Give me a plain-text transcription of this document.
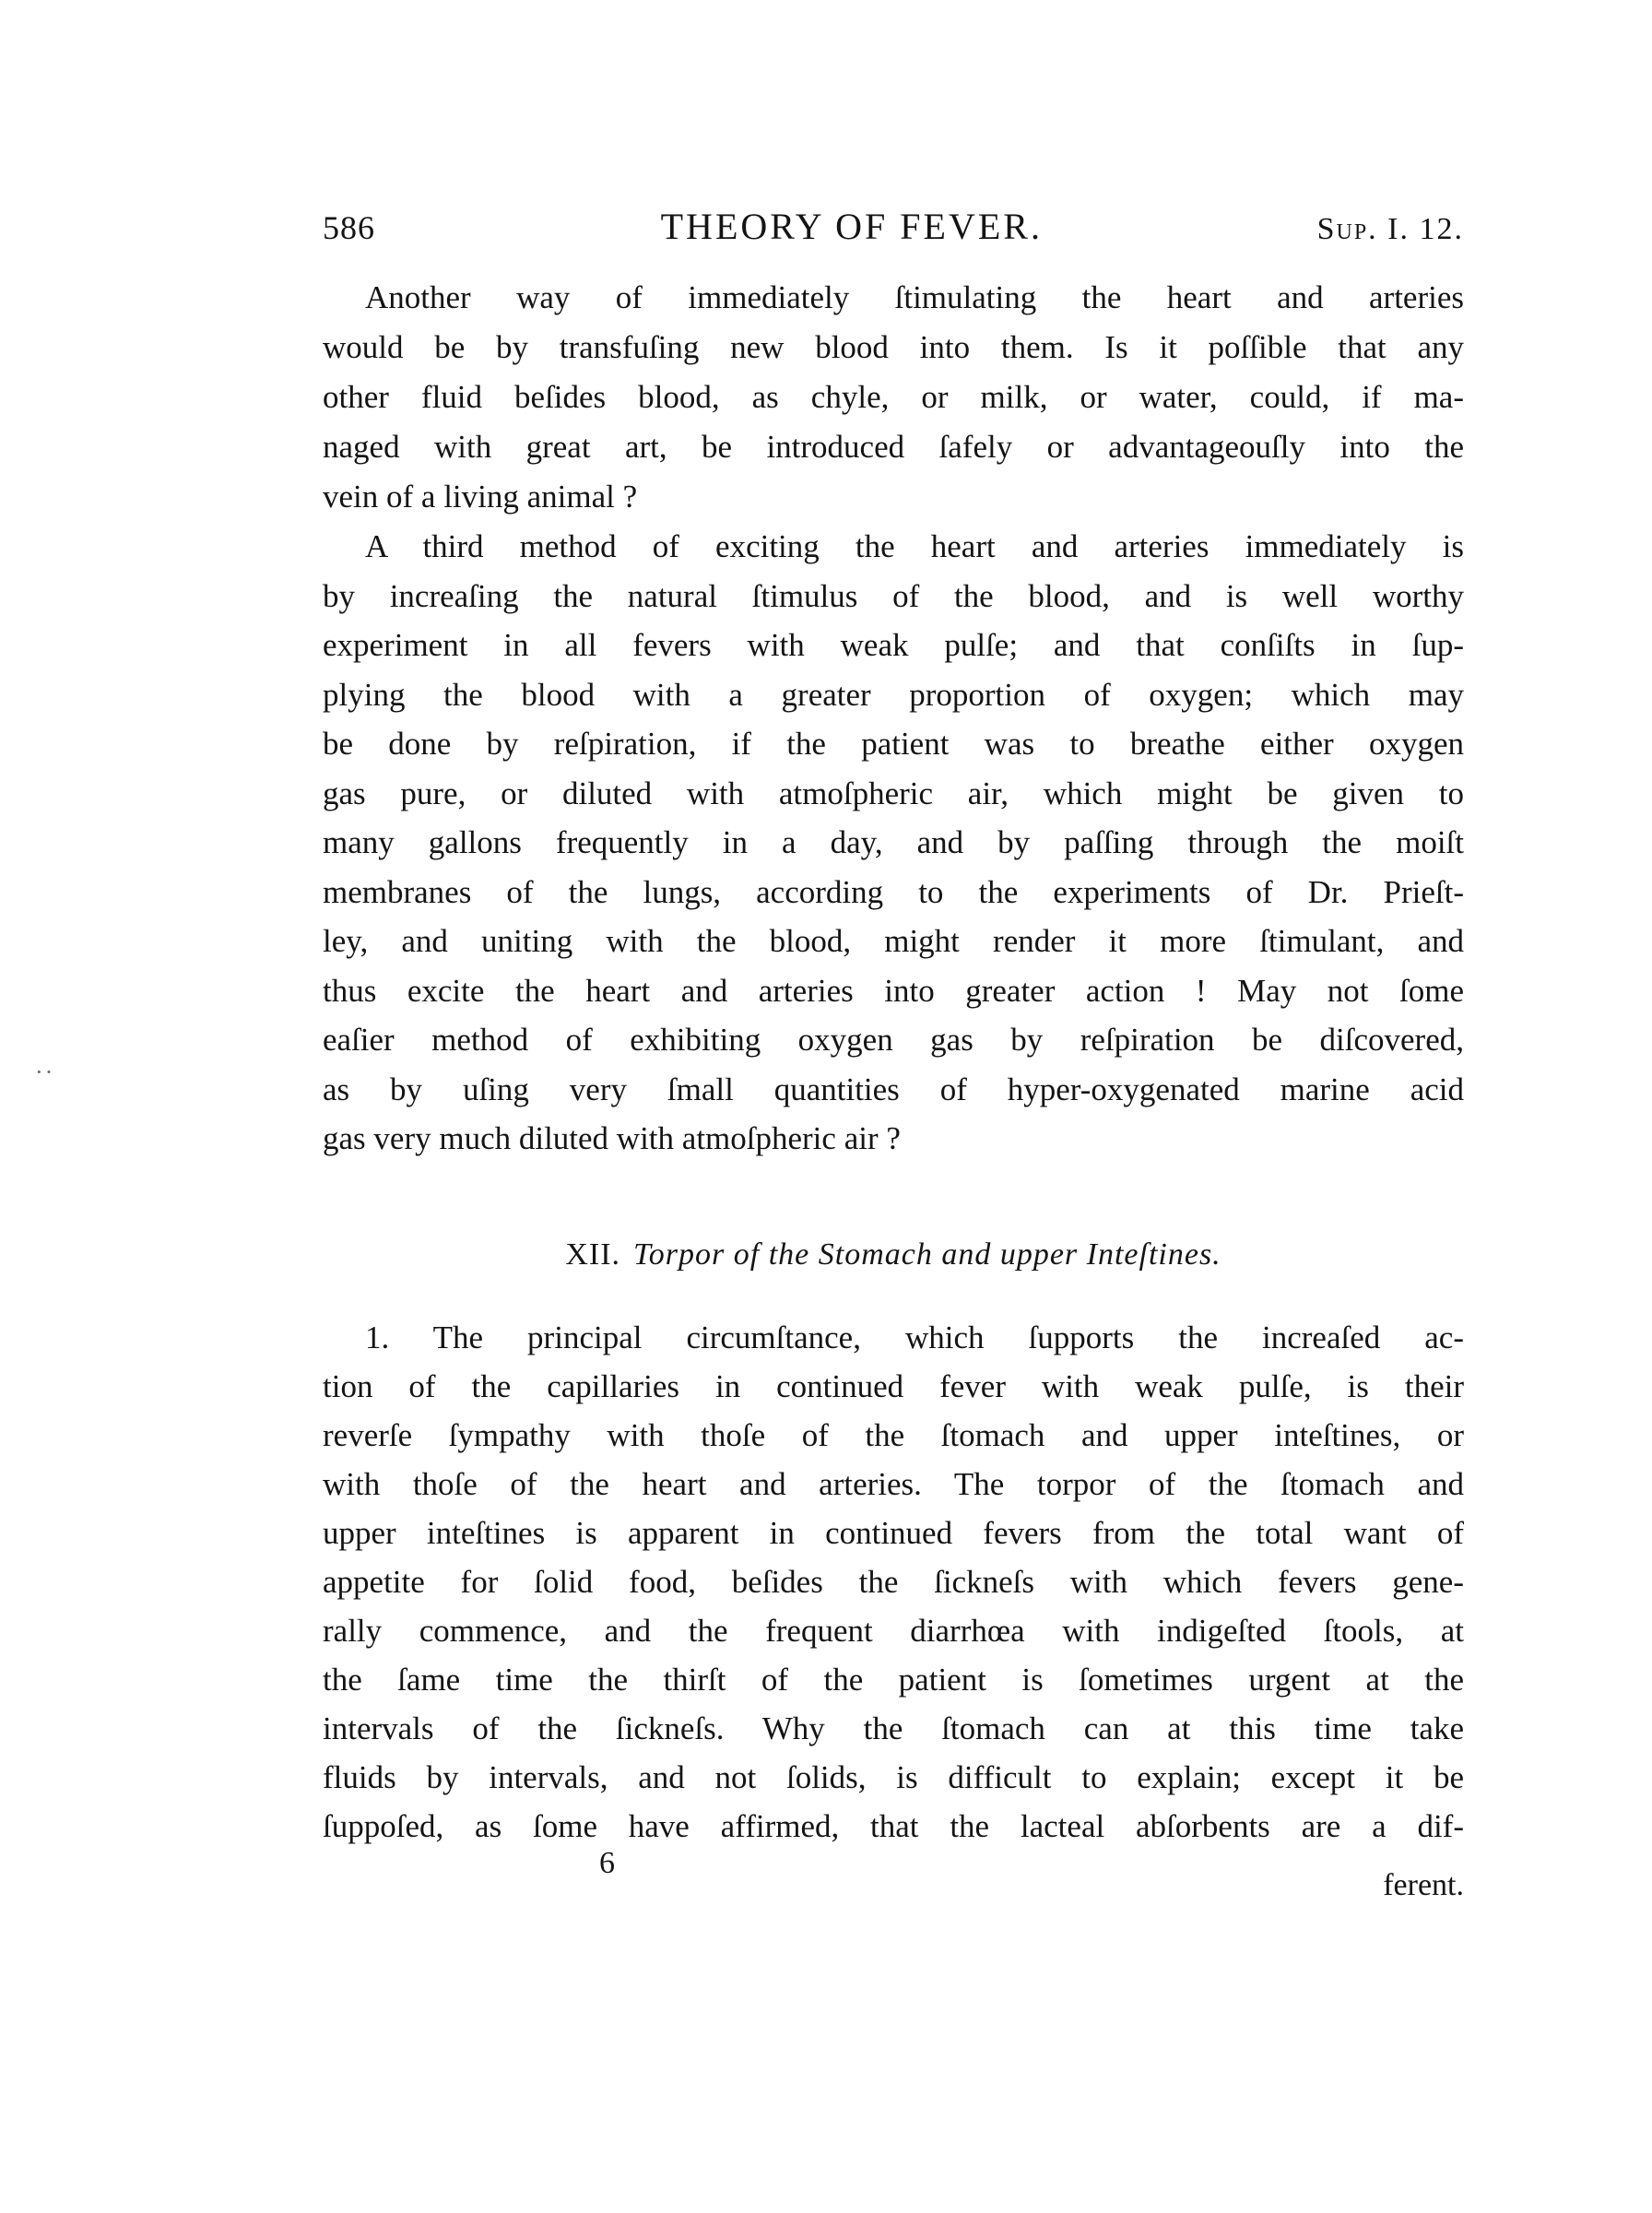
586	THEORY OF FEVER.	Sup. I. 12.
Another way of immediately ſtimulating the heart and arteries
would be by transfuſing new blood into them. Is it poſſible that any
other fluid beſides blood, as chyle, or milk, or water, could, if ma-
naged with great art, be introduced ſafely or advantageouſly into the
vein of a living animal ?
A third method of exciting the heart and arteries immediately is
by increaſing the natural ſtimulus of the blood, and is well worthy
experiment in all fevers with weak pulſe; and that conſiſts in ſup-
plying the blood with a greater proportion of oxygen; which may
be done by reſpiration, if the patient was to breathe either oxygen
gas pure, or diluted with atmoſpheric air, which might be given to
many gallons frequently in a day, and by paſſing through the moiſt
membranes of the lungs, according to the experiments of Dr. Prieſt-
ley, and uniting with the blood, might render it more ſtimulant, and
thus excite the heart and arteries into greater action ! May not ſome
eaſier method of exhibiting oxygen gas by reſpiration be diſcovered,
as by uſing very ſmall quantities of hyper-oxygenated marine acid
gas very much diluted with atmoſpheric air ?
XII. Torpor of the Stomach and upper Inteſtines.
1. The principal circumſtance, which ſupports the increaſed ac-
tion of the capillaries in continued fever with weak pulſe, is their
reverſe ſympathy with thoſe of the ſtomach and upper inteſtines, or
with thoſe of the heart and arteries. The torpor of the ſtomach and
upper inteſtines is apparent in continued fevers from the total want of
appetite for ſolid food, beſides the ſickneſs with which fevers gene-
rally commence, and the frequent diarrhœa with indigeſted ſtools, at
the ſame time the thirſt of the patient is ſometimes urgent at the
intervals of the ſickneſs. Why the ſtomach can at this time take
fluids by intervals, and not ſolids, is difficult to explain; except it be
ſuppoſed, as ſome have affirmed, that the lacteal abſorbents are a dif-
6
ferent.
··
